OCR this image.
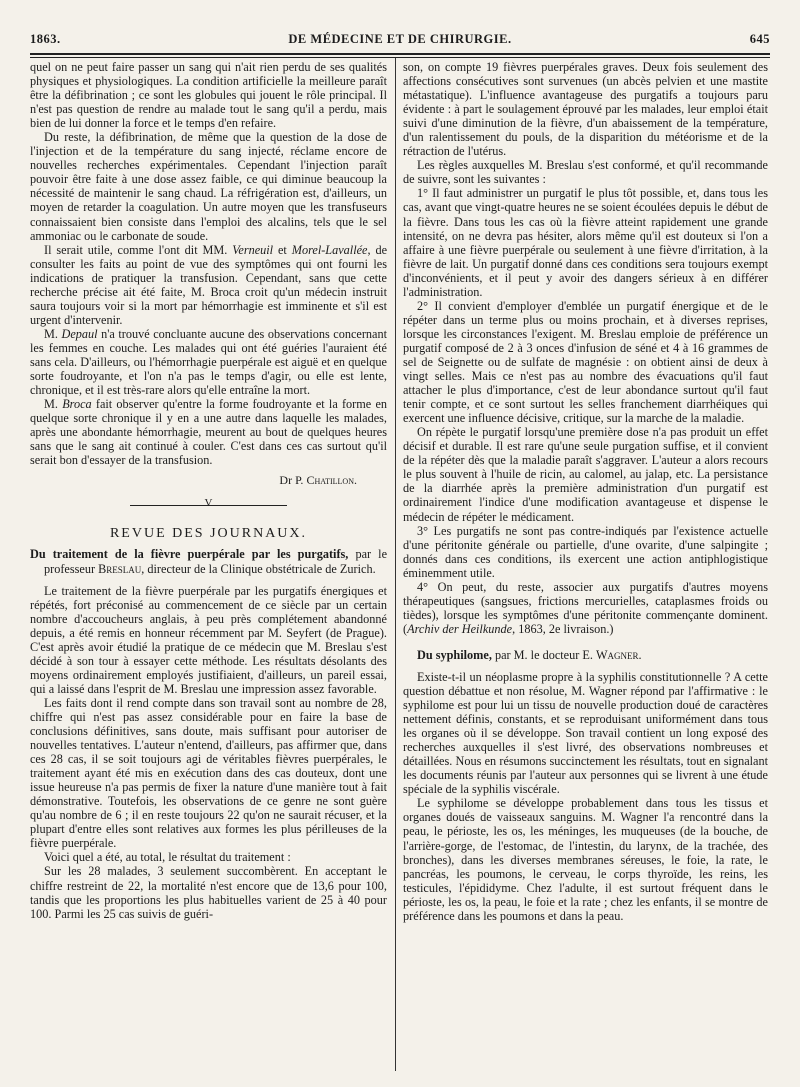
1863.	DE MÉDECINE ET DE CHIRURGIE.	645

quel on ne peut faire passer un sang qui n'ait rien perdu de ses qualités physiques et physiologiques. La condition artificielle la meilleure paraît être la défibrination ; ce sont les globules qui jouent le rôle principal. Il n'est pas question de rendre au malade tout le sang qu'il a perdu, mais bien de lui donner la force et le temps d'en refaire.

Du reste, la défibrination, de même que la question de la dose de l'injection et de la température du sang injecté, réclame encore de nouvelles recherches expérimentales. Cependant l'injection paraît pouvoir être faite à une dose assez faible, ce qui diminue beaucoup la nécessité de maintenir le sang chaud. La réfrigération est, d'ailleurs, un moyen de retarder la coagulation. Un autre moyen que les transfuseurs connaissaient bien consiste dans l'emploi des alcalins, tels que le sel ammoniac ou le carbonate de soude.

Il serait utile, comme l'ont dit MM. Verneuil et Morel-Lavallée, de consulter les faits au point de vue des symptômes qui ont fourni les indications de pratiquer la transfusion. Cependant, sans que cette recherche précise ait été faite, M. Broca croit qu'un médecin instruit saura toujours voir si la mort par hémorrhagie est imminente et s'il est urgent d'intervenir.

M. Depaul n'a trouvé concluante aucune des observations concernant les femmes en couche. Les malades qui ont été guéries l'auraient été sans cela. D'ailleurs, ou l'hémorrhagie puerpérale est aiguë et en quelque sorte foudroyante, et l'on n'a pas le temps d'agir, ou elle est lente, chronique, et il est très-rare alors qu'elle entraîne la mort.

M. Broca fait observer qu'entre la forme foudroyante et la forme en quelque sorte chronique il y en a une autre dans laquelle les malades, après une abondante hémorrhagie, meurent au bout de quelques heures sans que le sang ait continué à couler. C'est dans ces cas surtout qu'il serait bon d'essayer de la transfusion.

Dr P. Chatillon.

V

REVUE DES JOURNAUX.

Du traitement de la fièvre puerpérale par les purgatifs, par le professeur Breslau, directeur de la Clinique obstétricale de Zurich.

Le traitement de la fièvre puerpérale par les purgatifs énergiques et répétés, fort préconisé au commencement de ce siècle par un certain nombre d'accoucheurs anglais, à peu près complétement abandonné depuis, a été remis en honneur récemment par M. Seyfert (de Prague). C'est après avoir étudié la pratique de ce médecin que M. Breslau s'est décidé à son tour à essayer cette méthode. Les résultats désolants des moyens ordinairement employés justifiaient, d'ailleurs, un pareil essai, qui a laissé dans l'esprit de M. Breslau une impression assez favorable.

Les faits dont il rend compte dans son travail sont au nombre de 28, chiffre qui n'est pas assez considérable pour en faire la base de conclusions définitives, sans doute, mais suffisant pour autoriser de nouvelles tentatives. L'auteur n'entend, d'ailleurs, pas affirmer que, dans ces 28 cas, il se soit toujours agi de véritables fièvres puerpérales, le traitement ayant été mis en exécution dans des cas douteux, dont une issue heureuse n'a pas permis de fixer la nature d'une manière tout à fait démonstrative. Toutefois, les observations de ce genre ne sont guère qu'au nombre de 6 ; il en reste toujours 22 qu'on ne saurait récuser, et la plupart d'entre elles sont relatives aux formes les plus périlleuses de la fièvre puerpérale.

Voici quel a été, au total, le résultat du traitement :

Sur les 28 malades, 3 seulement succombèrent. En acceptant le chiffre restreint de 22, la mortalité n'est encore que de 13,6 pour 100, tandis que les proportions les plus habituelles varient de 25 à 40 pour 100. Parmi les 25 cas suivis de guéri-

son, on compte 19 fièvres puerpérales graves. Deux fois seulement des affections consécutives sont survenues (un abcès pelvien et une mastite métastatique). L'influence avantageuse des purgatifs a toujours paru évidente : à part le soulagement éprouvé par les malades, leur emploi était suivi d'une diminution de la fièvre, d'un abaissement de la température, d'un ralentissement du pouls, de la disparition du météorisme et de la rétraction de l'utérus.

Les règles auxquelles M. Breslau s'est conformé, et qu'il recommande de suivre, sont les suivantes :

1° Il faut administrer un purgatif le plus tôt possible, et, dans tous les cas, avant que vingt-quatre heures ne se soient écoulées depuis le début de la fièvre. Dans tous les cas où la fièvre atteint rapidement une grande intensité, on ne devra pas hésiter, alors même qu'il est douteux si l'on a affaire à une fièvre puerpérale ou seulement à une fièvre d'irritation, à la fièvre de lait. Un purgatif donné dans ces conditions sera toujours exempt d'inconvénients, et il peut y avoir des dangers sérieux à en différer l'administration.

2° Il convient d'employer d'emblée un purgatif énergique et de le répéter dans un terme plus ou moins prochain, et à diverses reprises, lorsque les circonstances l'exigent. M. Breslau emploie de préférence un purgatif composé de 2 à 3 onces d'infusion de séné et 4 à 16 grammes de sel de Seignette ou de sulfate de magnésie : on obtient ainsi de deux à vingt selles. Mais ce n'est pas au nombre des évacuations qu'il faut attacher le plus d'importance, c'est de leur abondance surtout qu'il faut tenir compte, et ce sont surtout les selles franchement diarrhéiques qui exercent une influence décisive, critique, sur la marche de la maladie.

On répète le purgatif lorsqu'une première dose n'a pas produit un effet décisif et durable. Il est rare qu'une seule purgation suffise, et il convient de la répéter dès que la maladie paraît s'aggraver. L'auteur a alors recours le plus souvent à l'huile de ricin, au calomel, au jalap, etc. La persistance de la diarrhée après la première administration d'un purgatif est ordinairement l'indice d'une modification avantageuse et dispense le médecin de répéter le médicament.

3° Les purgatifs ne sont pas contre-indiqués par l'existence actuelle d'une péritonite générale ou partielle, d'une ovarite, d'une salpingite ; donnés dans ces conditions, ils exercent une action antiphlogistique éminemment utile.

4° On peut, du reste, associer aux purgatifs d'autres moyens thérapeutiques (sangsues, frictions mercurielles, cataplasmes froids ou tièdes), lorsque les symptômes d'une péritonite commençante dominent. (Archiv der Heilkunde, 1863, 2e livraison.)

Du syphilome, par M. le docteur E. Wagner.

Existe-t-il un néoplasme propre à la syphilis constitutionnelle ? A cette question débattue et non résolue, M. Wagner répond par l'affirmative : le syphilome est pour lui un tissu de nouvelle production doué de caractères nettement définis, constants, et se reproduisant uniformément dans tous les organes où il se développe. Son travail contient un long exposé des recherches auxquelles il s'est livré, des observations nombreuses et détaillées. Nous en résumons succinctement les résultats, tout en signalant les documents réunis par l'auteur aux personnes qui se livrent à une étude spéciale de la syphilis viscérale.

Le syphilome se développe probablement dans tous les tissus et organes doués de vaisseaux sanguins. M. Wagner l'a rencontré dans la peau, le périoste, les os, les méninges, les muqueuses (de la bouche, de l'arrière-gorge, de l'estomac, de l'intestin, du larynx, de la trachée, des bronches), dans les diverses membranes séreuses, le foie, la rate, le pancréas, les poumons, le cerveau, le corps thyroïde, les reins, les testicules, l'épididyme. Chez l'adulte, il est surtout fréquent dans le périoste, les os, la peau, le foie et la rate ; chez les enfants, il se montre de préférence dans les poumons et dans la peau.
